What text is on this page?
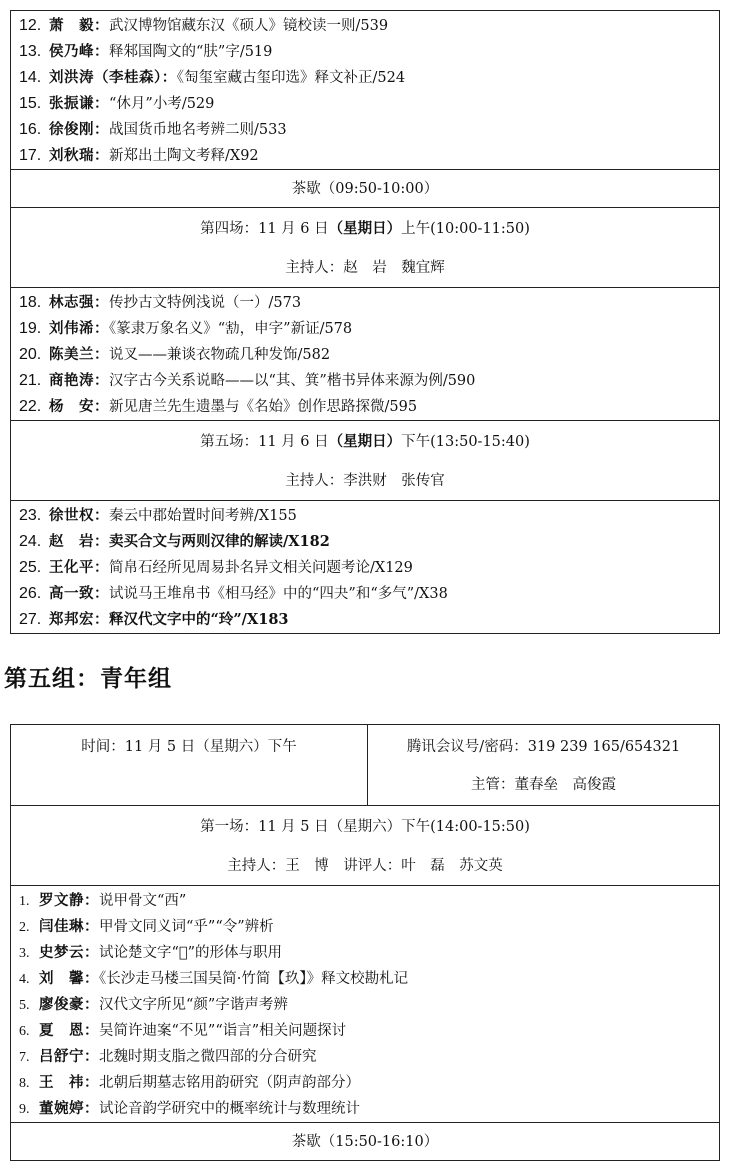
12. 萧　毅：武汉博物馆藏东汉《硕人》镜校读一则/539
13. 侯乃峰：释邾国陶文的“肤”字/519
14. 刘洪涛（李桂森）：《匋玺室藏古玺印选》释文补正/524
15. 张振谦：“休月”小考/529
16. 徐俊刚：战国货币地名考辨二则/533
17. 刘秋瑞：新郑出土陶文考释/X92
茶歇（09:50-10:00）
第四场：11 月 6 日（星期日）上午(10:00-11:50)
主持人：赵　岩　魏宜辉
18. 林志强：传抄古文特例浅说（一）/573
19. 刘伟浠：《篆隶万象名义》“𠢆，申字”新证/578
20. 陈美兰：说叉——兼谈衣物疏几种发饰/582
21. 商艳涛：汉字古今关系说略——以“其、箕”楷书异体来源为例/590
22. 杨　安：新见唐兰先生遗墨与《名始》创作思路探微/595
第五场：11 月 6 日（星期日）下午(13:50-15:40)
主持人：李洪财　张传官
23. 徐世权：秦云中郡始置时间考辨/X155
24. 赵　岩：卖买合文与两则汉律的解读/X182
25. 王化平：简帛石经所见周易卦名异文相关问题考论/X129
26. 高一致：试说马王堆帛书《相马经》中的“四夬”和“多气”/X38
27. 郑邦宏：释汉代文字中的“玲”/X183
第五组：青年组
时间：11 月 5 日（星期六）下午	腾讯会议号/密码：319 239 165/654321
主管：董春垒　高俊霞
第一场：11 月 5 日（星期六）下午(14:00-15:50)
主持人：王　博　讲评人：叶　磊　苏文英
1. 罗文静：说甲骨文“西”
2. 闫佳琳：甲骨文同义词“乎”“令”辨析
3. 史梦云：试论楚文字“𨑻”的形体与职用
4. 刘　馨：《长沙走马楼三国吴简·竹简【玖】》释文校勘札记
5. 廖俊豪：汉代文字所见“颜”字谐声考辨
6. 夏　恩：吴简许迪案“不见”“诣言”相关问题探讨
7. 吕舒宁：北魏时期支脂之微四部的分合研究
8. 王　祎：北朝后期墓志铭用韵研究（阴声韵部分）
9. 董婉婷：试论音韵学研究中的概率统计与数理统计
茶歇（15:50-16:10）
